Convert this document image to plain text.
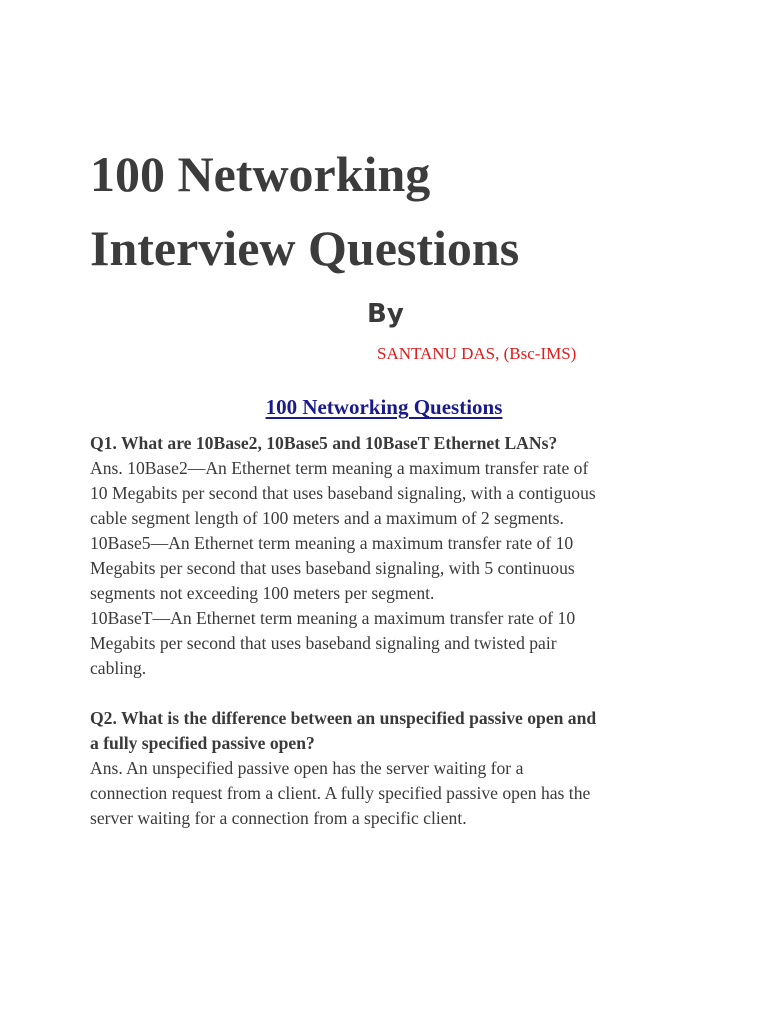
100 Networking
Interview Questions
By
SANTANU DAS, (Bsc-IMS)
100 Networking Questions
Q1. What are 10Base2, 10Base5 and 10BaseT Ethernet LANs?
Ans. 10Base2—An Ethernet term meaning a maximum transfer rate of
10 Megabits per second that uses baseband signaling, with a contiguous
cable segment length of 100 meters and a maximum of 2 segments.
10Base5—An Ethernet term meaning a maximum transfer rate of 10
Megabits per second that uses baseband signaling, with 5 continuous
segments not exceeding 100 meters per segment.
10BaseT—An Ethernet term meaning a maximum transfer rate of 10
Megabits per second that uses baseband signaling and twisted pair
cabling.
Q2. What is the difference between an unspecified passive open and
a fully specified passive open?
Ans. An unspecified passive open has the server waiting for a
connection request from a client. A fully specified passive open has the
server waiting for a connection from a specific client.
